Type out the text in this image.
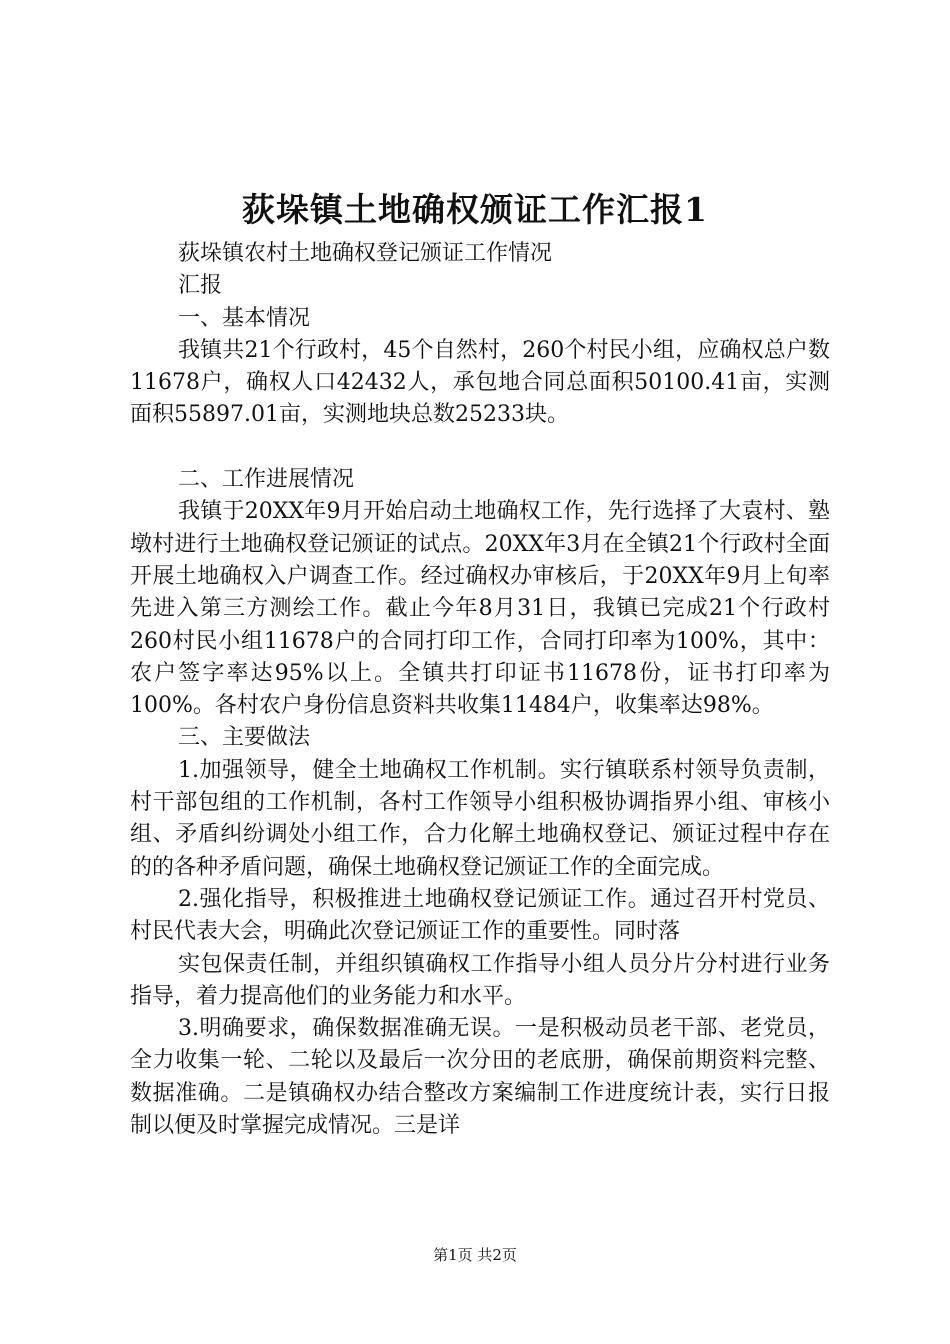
荻垛镇土地确权颁证工作汇报1

荻垛镇农村土地确权登记颁证工作情况

汇报

一、基本情况

我镇共21个行政村，45个自然村，260个村民小组，应确权总户数11678户，确权人口42432人，承包地合同总面积50100.41亩，实测面积55897.01亩，实测地块总数25233块。

二、工作进展情况

我镇于20XX年9月开始启动土地确权工作，先行选择了大袁村、塾墩村进行土地确权登记颁证的试点。20XX年3月在全镇21个行政村全面开展土地确权入户调查工作。经过确权办审核后，于20XX年9月上旬率先进入第三方测绘工作。截止今年8月31日，我镇已完成21个行政村260村民小组11678户的合同打印工作，合同打印率为100%，其中：农户签字率达95%以上。全镇共打印证书11678份，证书打印率为100%。各村农户身份信息资料共收集11484户，收集率达98%。

三、主要做法

1.加强领导，健全土地确权工作机制。实行镇联系村领导负责制，村干部包组的工作机制，各村工作领导小组积极协调指界小组、审核小组、矛盾纠纷调处小组工作，合力化解土地确权登记、颁证过程中存在的的各种矛盾问题，确保土地确权登记颁证工作的全面完成。

2.强化指导，积极推进土地确权登记颁证工作。通过召开村党员、村民代表大会，明确此次登记颁证工作的重要性。同时落

实包保责任制，并组织镇确权工作指导小组人员分片分村进行业务指导，着力提高他们的业务能力和水平。

3.明确要求，确保数据准确无误。一是积极动员老干部、老党员，全力收集一轮、二轮以及最后一次分田的老底册，确保前期资料完整、数据准确。二是镇确权办结合整改方案编制工作进度统计表，实行日报制以便及时掌握完成情况。三是详

第1页 共2页
